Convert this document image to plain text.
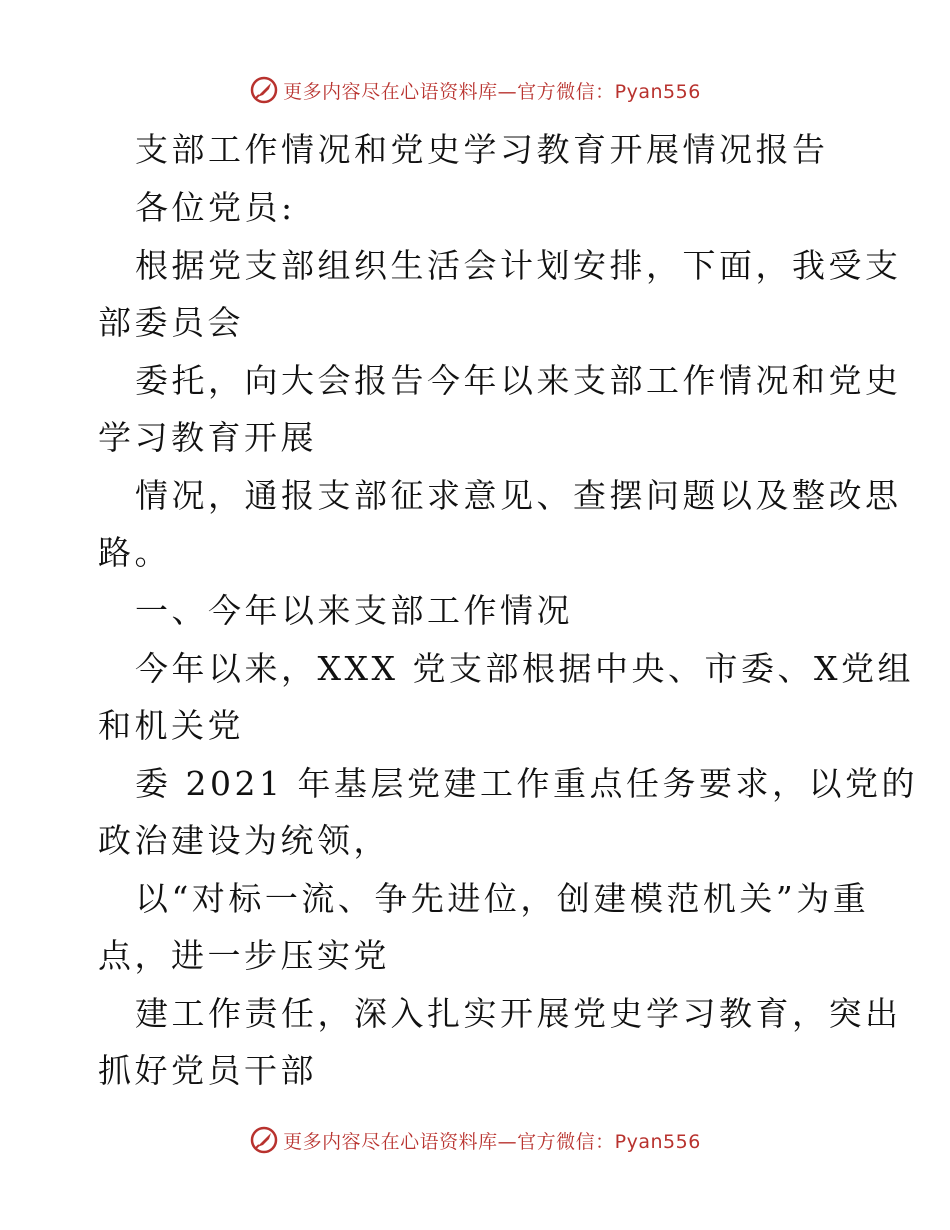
更多内容尽在心语资料库—官方微信：Pyan556
支部工作情况和党史学习教育开展情况报告
各位党员:
根据党支部组织生活会计划安排，下面，我受支
部委员会
委托，向大会报告今年以来支部工作情况和党史
学习教育开展
情况，通报支部征求意见、查摆问题以及整改思
路。
一、今年以来支部工作情况
今年以来，XXX 党支部根据中央、市委、X党组
和机关党
委 2021 年基层党建工作重点任务要求，以党的
政治建设为统领，
以“对标一流、争先进位，创建模范机关”为重
点，进一步压实党
建工作责任，深入扎实开展党史学习教育，突出
抓好党员干部
更多内容尽在心语资料库—官方微信：Pyan556
